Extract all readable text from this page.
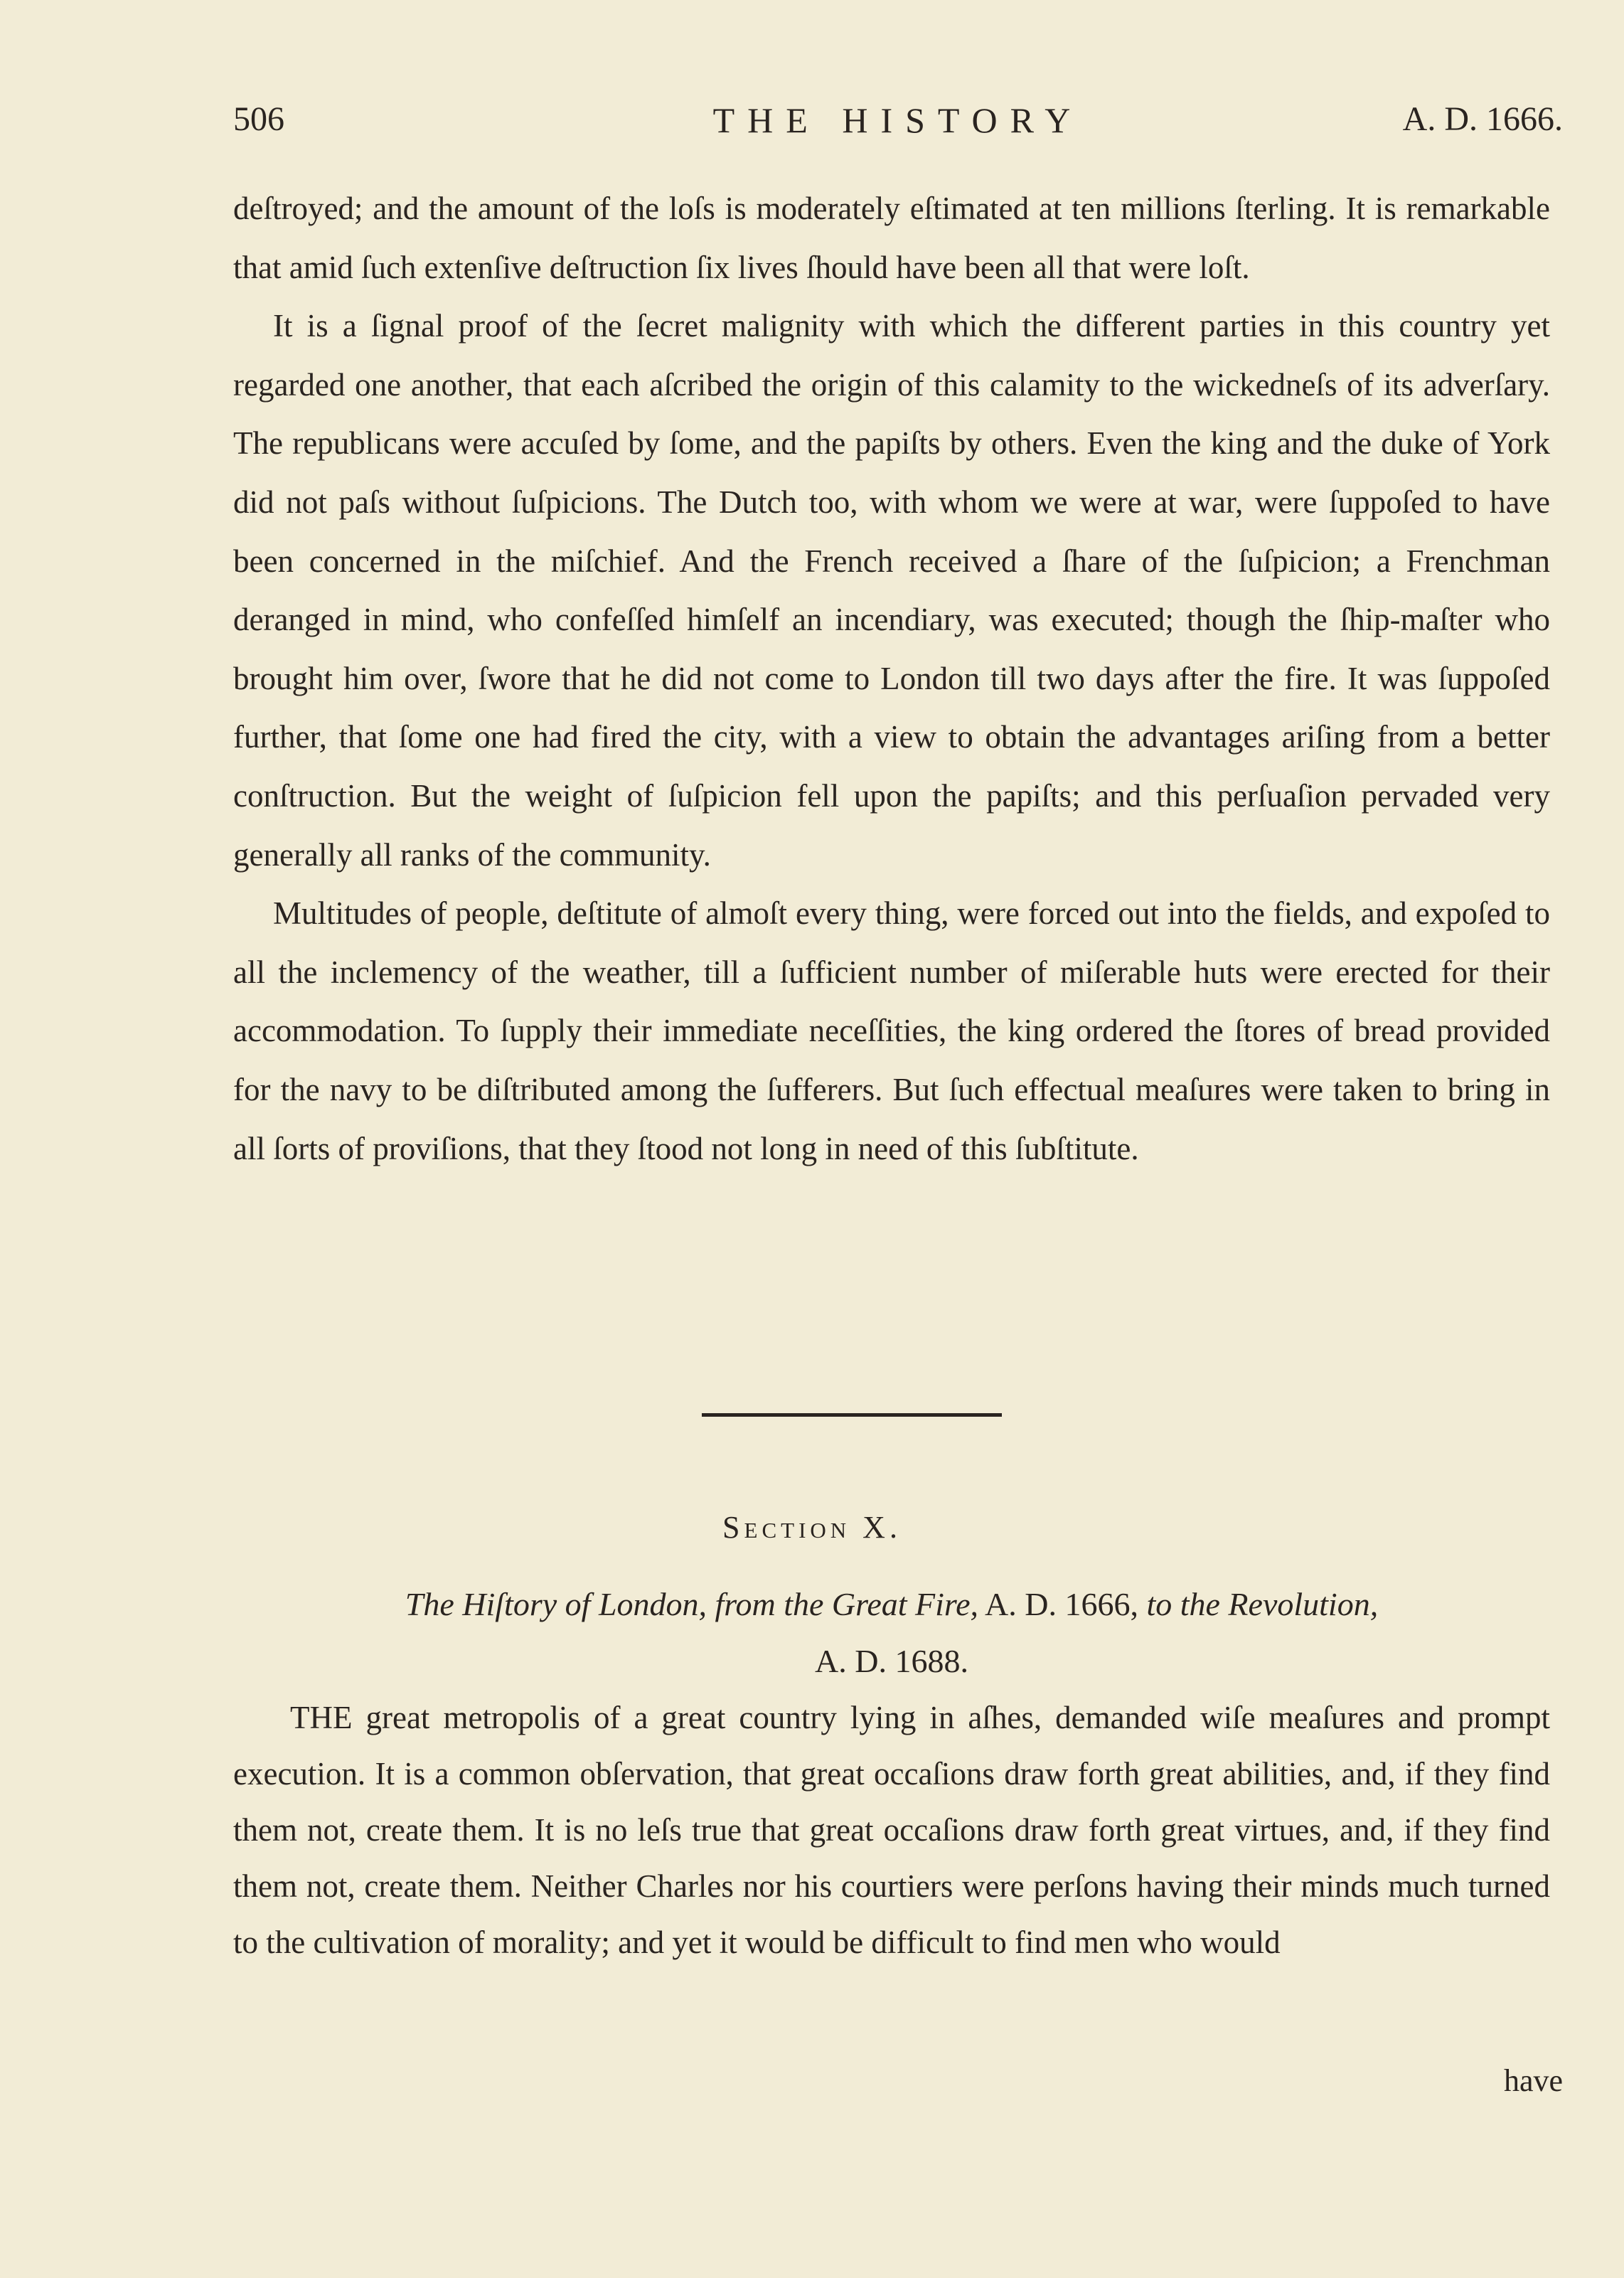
506	THE HISTORY	A. D. 1666.

deſtroyed; and the amount of the loſs is moderately eſtimated at ten millions ſterling. It is remarkable that amid ſuch extenſive deſtruction ſix lives ſhould have been all that were loſt.

It is a ſignal proof of the ſecret malignity with which the different parties in this country yet regarded one another, that each aſcribed the origin of this calamity to the wickedneſs of its adverſary. The republicans were accuſed by ſome, and the papiſts by others. Even the king and the duke of York did not paſs without ſuſpicions. The Dutch too, with whom we were at war, were ſuppoſed to have been concerned in the miſchief. And the French received a ſhare of the ſuſpicion; a Frenchman deranged in mind, who confeſſed himſelf an incendiary, was executed; though the ſhip-maſter who brought him over, ſwore that he did not come to London till two days after the fire. It was ſuppoſed further, that ſome one had fired the city, with a view to obtain the advantages ariſing from a better conſtruction. But the weight of ſuſpicion fell upon the papiſts; and this perſuaſion pervaded very generally all ranks of the community.

Multitudes of people, deſtitute of almoſt every thing, were forced out into the fields, and expoſed to all the inclemency of the weather, till a ſufficient number of miſerable huts were erected for their accommodation. To ſupply their immediate neceſſities, the king ordered the ſtores of bread provided for the navy to be diſtributed among the ſufferers. But ſuch effectual meaſures were taken to bring in all ſorts of proviſions, that they ſtood not long in need of this ſubſtitute.

Section X.
The Hiſtory of London, from the Great Fire, A. D. 1666, to the Revolution,
A. D. 1688.

THE great metropolis of a great country lying in aſhes, demanded wiſe meaſures and prompt execution. It is a common obſervation, that great occaſions draw forth great abilities, and, if they find them not, create them. It is no leſs true that great occaſions draw forth great virtues, and, if they find them not, create them. Neither Charles nor his courtiers were perſons having their minds much turned to the cultivation of morality; and yet it would be difficult to find men who would

have
